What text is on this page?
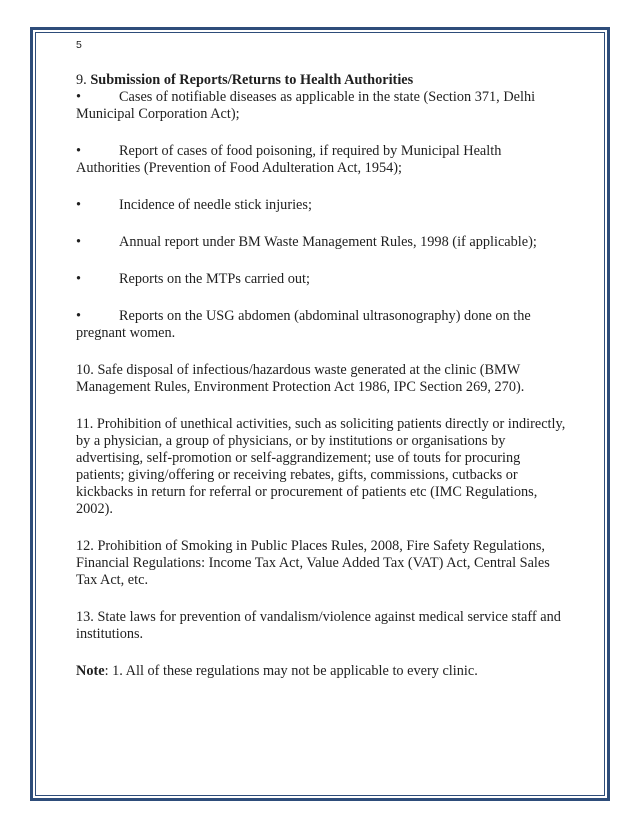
5
9. Submission of Reports/Returns to Health Authorities

•	Cases of notifiable diseases as applicable in the state (Section 371, Delhi Municipal Corporation Act);

•	Report of cases of food poisoning, if required by Municipal Health Authorities (Prevention of Food Adulteration Act, 1954);

•	Incidence of needle stick injuries;

•	Annual report under BM Waste Management Rules, 1998 (if applicable);

•	Reports on the MTPs carried out;

•	Reports on the USG abdomen (abdominal ultrasonography) done on the pregnant women.

10. Safe disposal of infectious/hazardous waste generated at the clinic (BMW Management Rules, Environment Protection Act 1986, IPC Section 269, 270).

11. Prohibition of unethical activities, such as soliciting patients directly or indirectly, by a physician, a group of physicians, or by institutions or organisations by advertising, self-promotion or self-aggrandizement; use of touts for procuring patients; giving/offering or receiving rebates, gifts, commissions, cutbacks or kickbacks in return for referral or procurement of patients etc (IMC Regulations, 2002).

12. Prohibition of Smoking in Public Places Rules, 2008, Fire Safety Regulations, Financial Regulations: Income Tax Act, Value Added Tax (VAT) Act, Central Sales Tax Act, etc.

13. State laws for prevention of vandalism/violence against medical service staff and institutions.

Note: 1. All of these regulations may not be applicable to every clinic.
